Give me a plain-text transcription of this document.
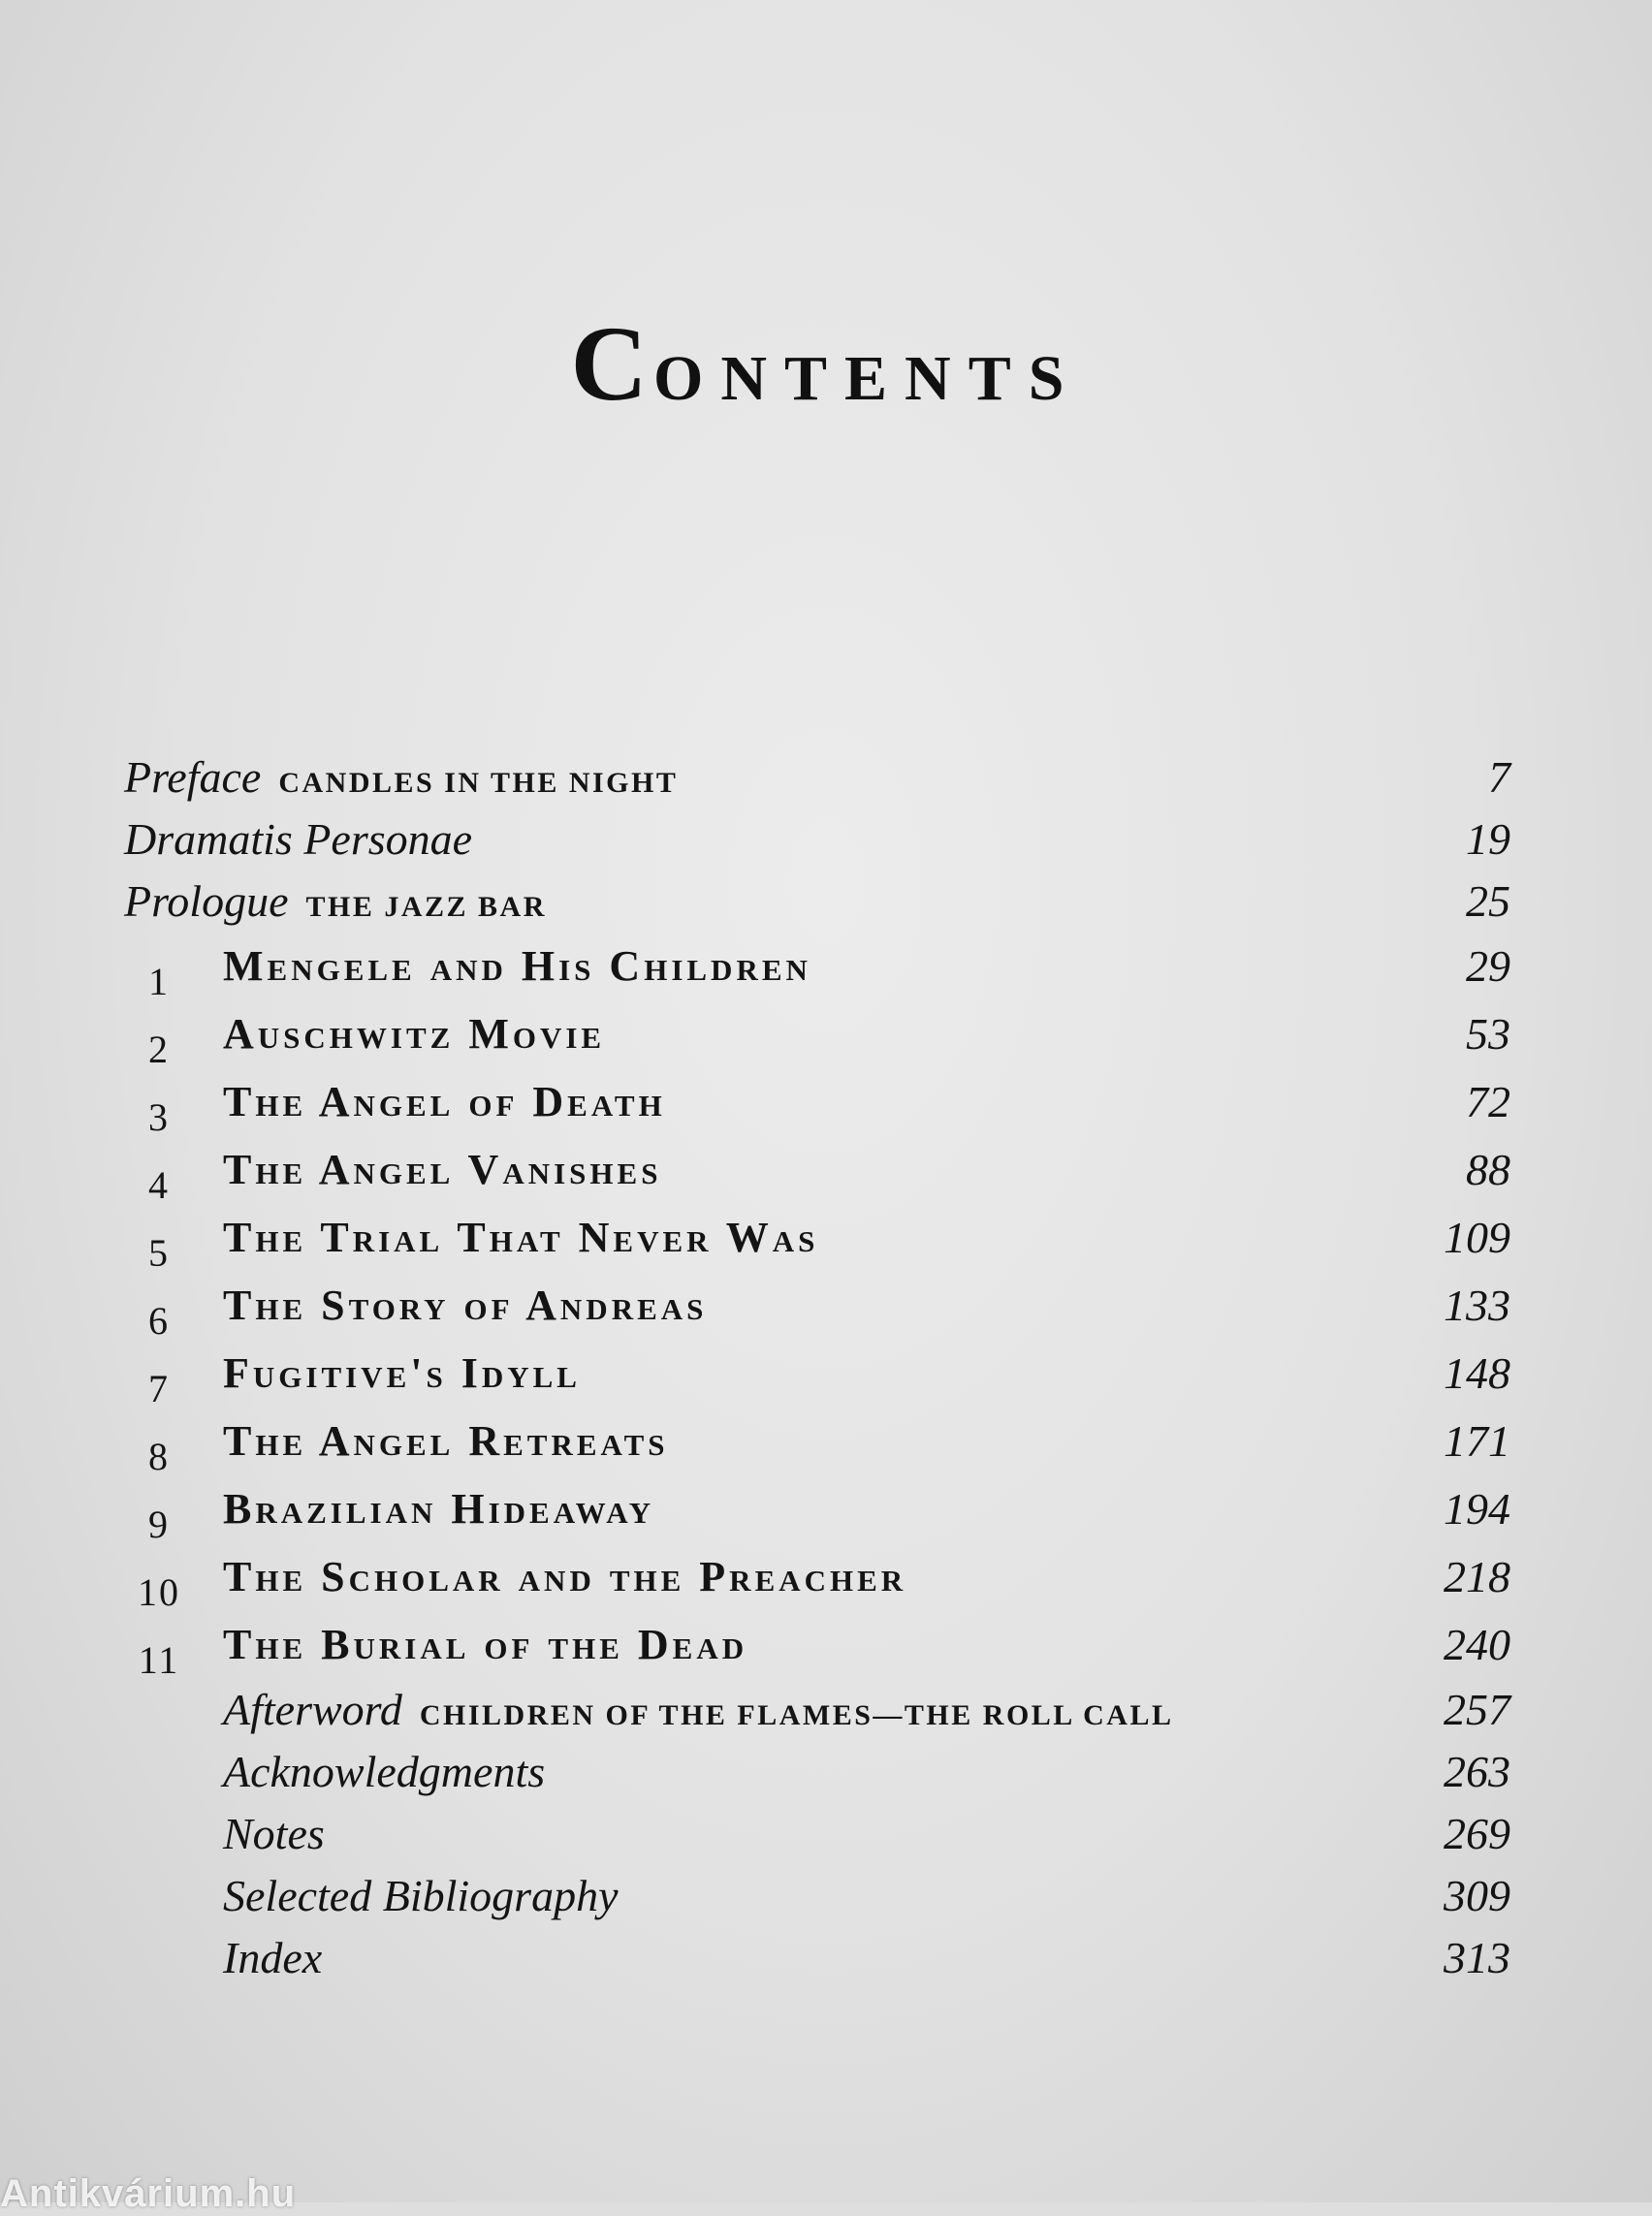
CONTENTS
Preface CANDLES IN THE NIGHT	7
Dramatis Personae	19
Prologue THE JAZZ BAR	25
1	Mengele and His Children	29
2	Auschwitz Movie	53
3	The Angel of Death	72
4	The Angel Vanishes	88
5	The Trial That Never Was	109
6	The Story of Andreas	133
7	Fugitive's Idyll	148
8	The Angel Retreats	171
9	Brazilian Hideaway	194
10	The Scholar and the Preacher	218
11	The Burial of the Dead	240
Afterword CHILDREN OF THE FLAMES—THE ROLL CALL	257
Acknowledgments	263
Notes	269
Selected Bibliography	309
Index	313
Antikvárium.hu
